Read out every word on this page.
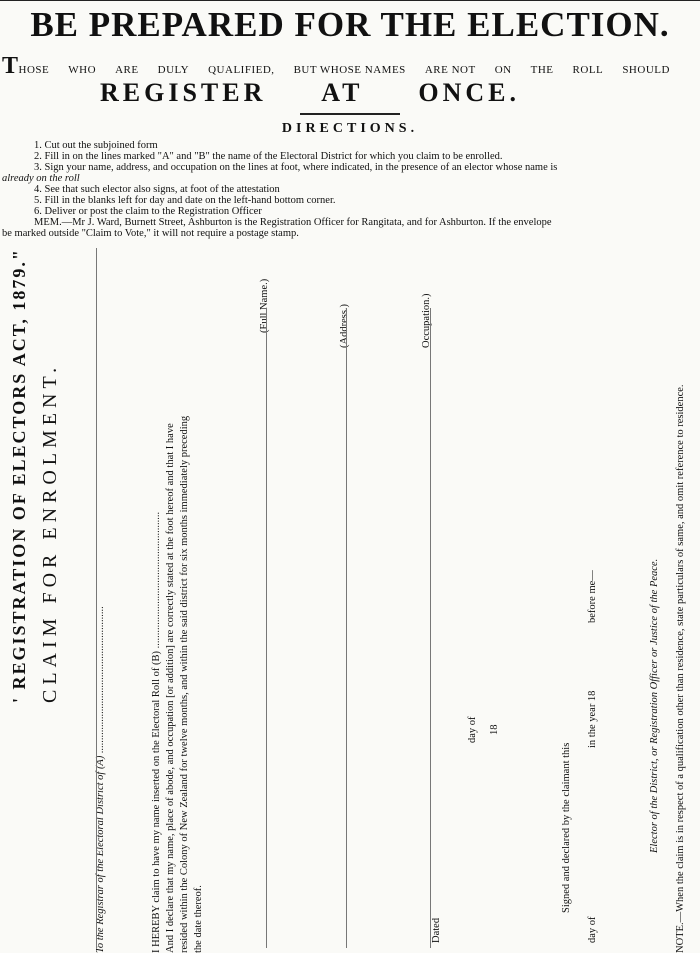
BE PREPARED FOR THE ELECTION.
THOSE WHO ARE DULY QUALIFIED, BUT WHOSE NAMES ARE NOT ON THE ROLL SHOULD
REGISTER AT ONCE.
DIRECTIONS.
1. Cut out the subjoined form
2. Fill in on the lines marked "A" and "B" the name of the Electoral District for which you claim to be enrolled.
3. Sign your name, address, and occupation on the lines at foot, where indicated, in the presence of an elector whose name is
already on the roll
4. See that such elector also signs, at foot of the attestation
5. Fill in the blanks left for day and date on the left-hand bottom corner.
6. Deliver or post the claim to the Registration Officer
MEM.—Mr J. Ward, Burnett Street, Ashburton is the Registration Officer for Rangitata, and for Ashburton. If the envelope
be marked outside "Claim to Vote," it will not require a postage stamp.
To the Registrar of the Electoral District of (A) ........................................................
' REGISTRATION OF ELECTORS ACT, 1879." CLAIM FOR ENROLMENT.	I HEREBY claim to have my name inserted on the Electoral Roll of (B) .................................................... And I declare that my name, place of abode, and occupation [or addition] are correctly stated at the foot hereof and that I have resided within the Colony of New Zealand for twelve months, and within the said district for six months immediately preceding the date thereof.
(Full Name.)	(Address.)	Occupation.)
Dated
day of 18
Signed and declared by the claimant this
day of
in the year 18
before me—	Elector of the District, or Registration Officer or Justice of the Peace. NOTE.—When the claim is in respect of a qualification other than residence, state particulars of same, and omit reference to residence.
